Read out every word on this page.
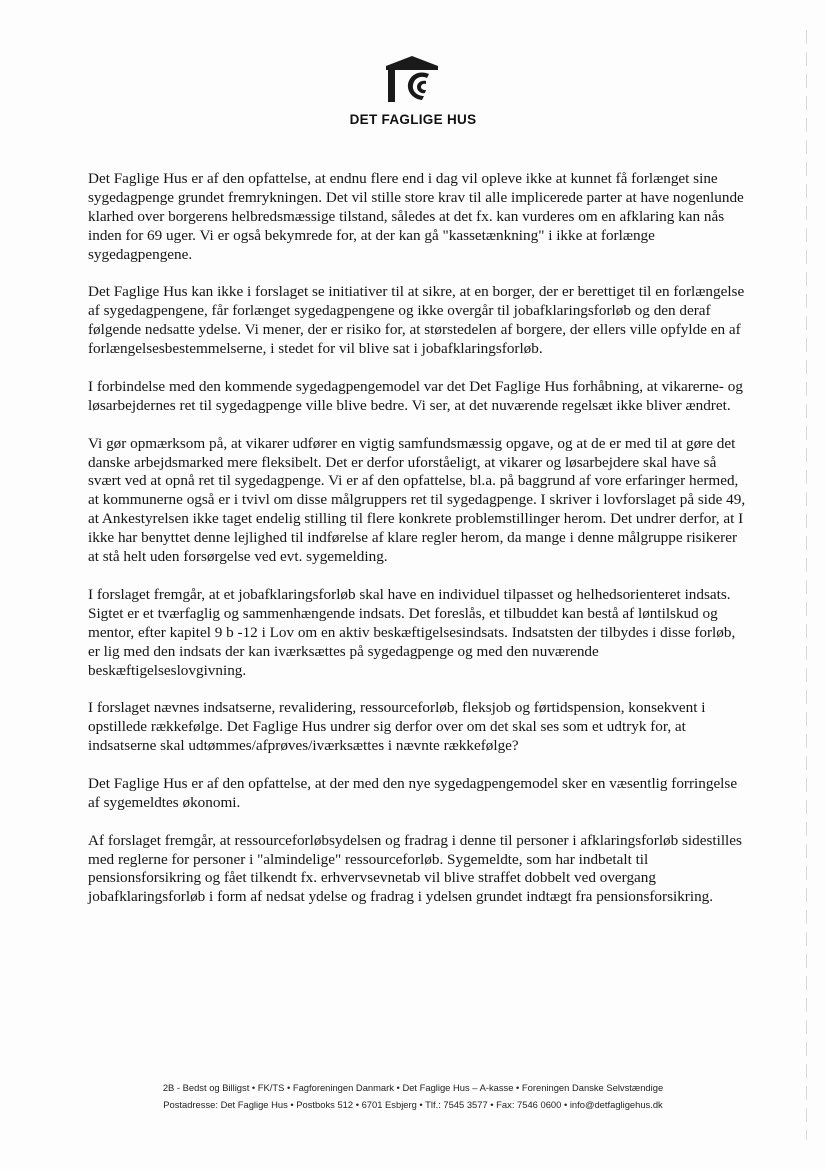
DET FAGLIGE HUS

Det Faglige Hus er af den opfattelse, at endnu flere end i dag vil opleve ikke at kunnet få forlænget sine sygedagpenge grundet fremrykningen. Det vil stille store krav til alle implicerede parter at have nogenlunde klarhed over borgerens helbredsmæssige tilstand, således at det fx. kan vurderes om en afklaring kan nås inden for 69 uger. Vi er også bekymrede for, at der kan gå "kassetænkning" i ikke at forlænge sygedagpengene.

Det Faglige Hus kan ikke i forslaget se initiativer til at sikre, at en borger, der er berettiget til en forlængelse af sygedagpengene, får forlænget sygedagpengene og ikke overgår til jobafklaringsforløb og den deraf følgende nedsatte ydelse. Vi mener, der er risiko for, at størstedelen af borgere, der ellers ville opfylde en af forlængelsesbestemmelserne, i stedet for vil blive sat i jobafklaringsforløb.

I forbindelse med den kommende sygedagpengemodel var det Det Faglige Hus forhåbning, at vikarerne- og løsarbejdernes ret til sygedagpenge ville blive bedre. Vi ser, at det nuværende regelsæt ikke bliver ændret.

Vi gør opmærksom på, at vikarer udfører en vigtig samfundsmæssig opgave, og at de er med til at gøre det danske arbejdsmarked mere fleksibelt. Det er derfor uforståeligt, at vikarer og løsarbejdere skal have så svært ved at opnå ret til sygedagpenge. Vi er af den opfattelse, bl.a. på baggrund af vore erfaringer hermed, at kommunerne også er i tvivl om disse målgruppers ret til sygedagpenge. I skriver i lovforslaget på side 49, at Ankestyrelsen ikke taget endelig stilling til flere konkrete problemstillinger herom. Det undrer derfor, at I ikke har benyttet denne lejlighed til indførelse af klare regler herom, da mange i denne målgruppe risikerer at stå helt uden forsørgelse ved evt. sygemelding.

I forslaget fremgår, at et jobafklaringsforløb skal have en individuel tilpasset og helhedsorienteret indsats. Sigtet er et tværfaglig og sammenhængende indsats. Det foreslås, et tilbuddet kan bestå af løntilskud og mentor, efter kapitel 9 b -12 i Lov om en aktiv beskæftigelsesindsats. Indsatsten der tilbydes i disse forløb, er lig med den indsats der kan iværksættes på sygedagpenge og med den nuværende beskæftigelseslovgivning.

I forslaget nævnes indsatserne, revalidering, ressourceforløb, fleksjob og førtidspension, konsekvent i opstillede rækkefølge. Det Faglige Hus undrer sig derfor over om det skal ses som et udtryk for, at indsatserne skal udtømmes/afprøves/iværksættes i nævnte rækkefølge?

Det Faglige Hus er af den opfattelse, at der med den nye sygedagpengemodel sker en væsentlig forringelse af sygemeldtes økonomi.

Af forslaget fremgår, at ressourceforløbsydelsen og fradrag i denne til personer i afklaringsforløb sidestilles med reglerne for personer i "almindelige" ressourceforløb. Sygemeldte, som har indbetalt til pensionsforsikring og fået tilkendt fx. erhvervsevnetab vil blive straffet dobbelt ved overgang jobafklaringsforløb i form af nedsat ydelse og fradrag i ydelsen grundet indtægt fra pensionsforsikring.

2B - Bedst og Billigst • FK/TS • Fagforeningen Danmark • Det Faglige Hus – A-kasse • Foreningen Danske Selvstændige
Postadresse: Det Faglige Hus • Postboks 512 • 6701 Esbjerg • Tlf.: 7545 3577 • Fax: 7546 0600 • info@detfagligehus.dk
